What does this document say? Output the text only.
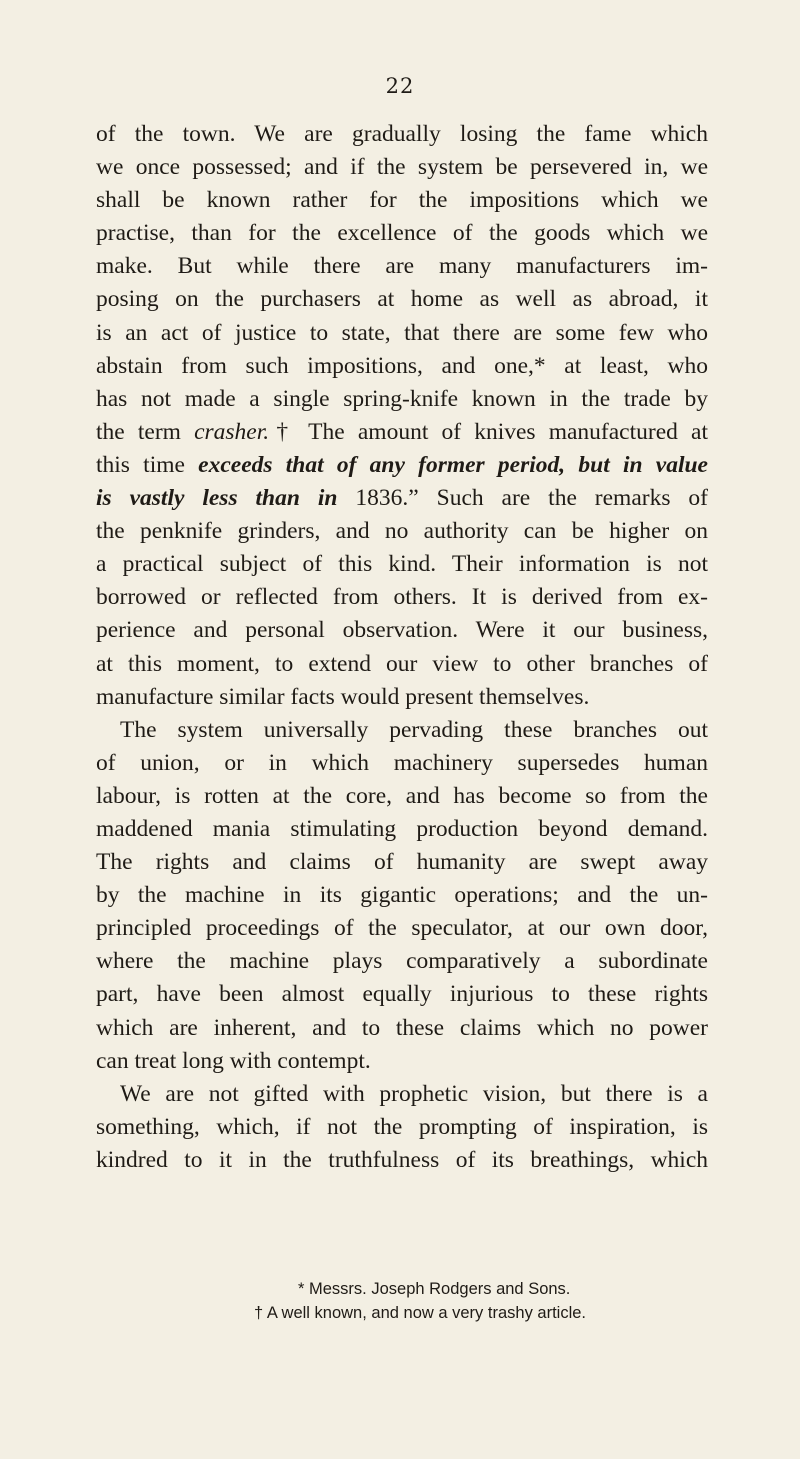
22
of the town. We are gradually losing the fame which
we once possessed; and if the system be persevered in, we
shall be known rather for the impositions which we
practise, than for the excellence of the goods which we
make. But while there are many manufacturers im-
posing on the purchasers at home as well as abroad, it
is an act of justice to state, that there are some few who
abstain from such impositions, and one,* at least, who
has not made a single spring-knife known in the trade by
the term crasher.† The amount of knives manufactured at
this time exceeds that of any former period, but in value
is vastly less than in 1836.” Such are the remarks of
the penknife grinders, and no authority can be higher on
a practical subject of this kind. Their information is not
borrowed or reflected from others. It is derived from ex-
perience and personal observation. Were it our business,
at this moment, to extend our view to other branches of
manufacture similar facts would present themselves.
The system universally pervading these branches out
of union, or in which machinery supersedes human
labour, is rotten at the core, and has become so from the
maddened mania stimulating production beyond demand.
The rights and claims of humanity are swept away
by the machine in its gigantic operations; and the un-
principled proceedings of the speculator, at our own door,
where the machine plays comparatively a subordinate
part, have been almost equally injurious to these rights
which are inherent, and to these claims which no power
can treat long with contempt.
We are not gifted with prophetic vision, but there is a
something, which, if not the prompting of inspiration, is
kindred to it in the truthfulness of its breathings, which
* Messrs. Joseph Rodgers and Sons.
† A well known, and now a very trashy article.
